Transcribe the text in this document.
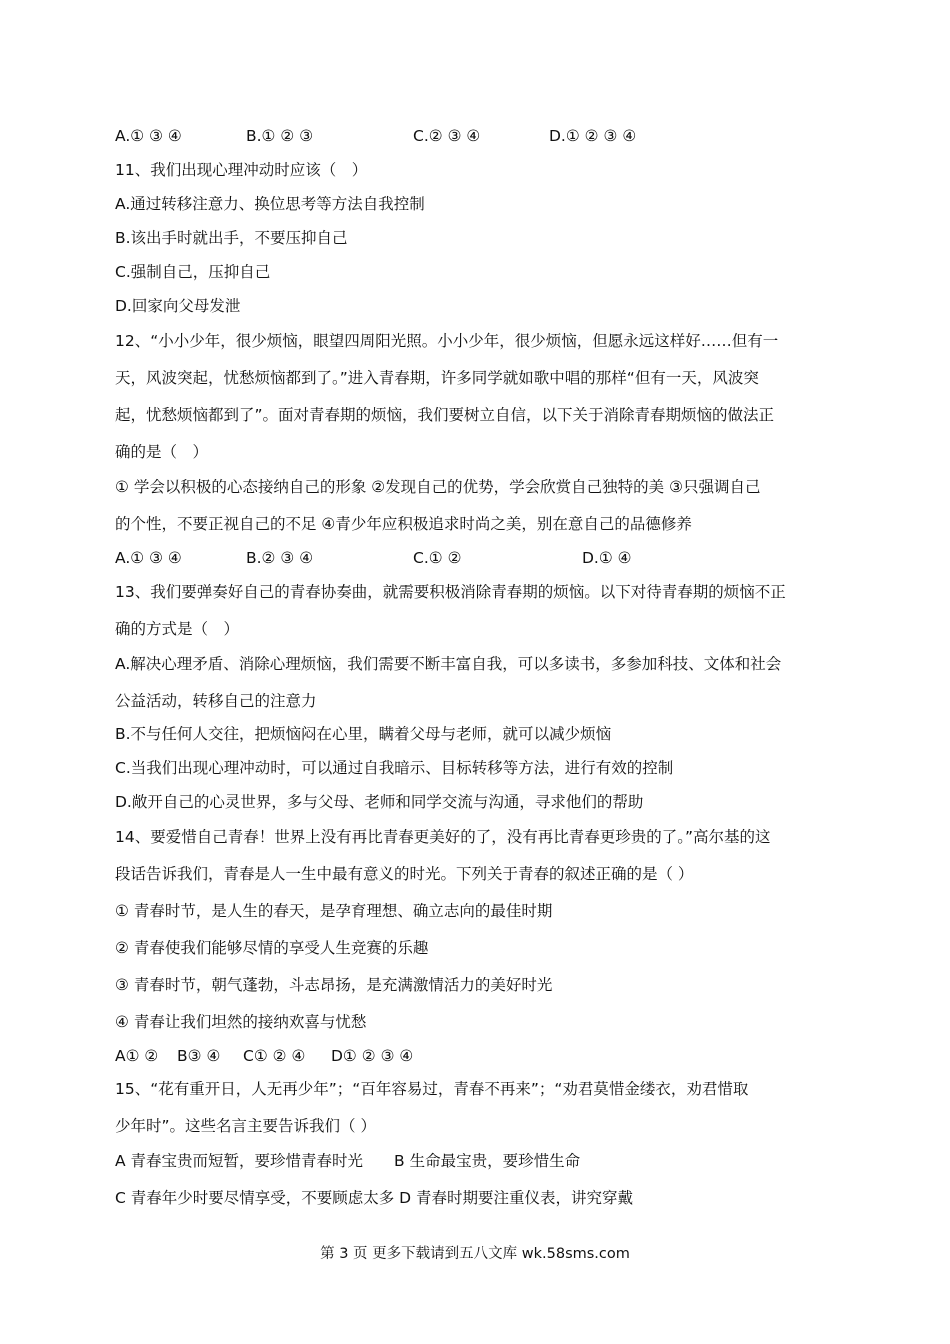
A.① ③ ④	B.① ② ③	C.② ③ ④	D.① ② ③ ④
11、我们出现心理冲动时应该（　）
A.通过转移注意力、换位思考等方法自我控制
B.该出手时就出手，不要压抑自己
C.强制自己，压抑自己
D.回家向父母发泄
12、“小小少年，很少烦恼，眼望四周阳光照。小小少年，很少烦恼，但愿永远这样好……但有一
天，风波突起，忧愁烦恼都到了。”进入青春期，许多同学就如歌中唱的那样“但有一天，风波突
起，忧愁烦恼都到了”。面对青春期的烦恼，我们要树立自信，以下关于消除青春期烦恼的做法正
确的是（　）
① 学会以积极的心态接纳自己的形象 ②发现自己的优势，学会欣赏自己独特的美 ③只强调自己
的个性，不要正视自己的不足 ④青少年应积极追求时尚之美，别在意自己的品德修养
A.① ③ ④	B.② ③ ④	C.① ②	D.① ④
13、我们要弹奏好自己的青春协奏曲，就需要积极消除青春期的烦恼。以下对待青春期的烦恼不正
确的方式是（　）
A.解决心理矛盾、消除心理烦恼，我们需要不断丰富自我，可以多读书，多参加科技、文体和社会
公益活动，转移自己的注意力
B.不与任何人交往，把烦恼闷在心里，瞒着父母与老师，就可以减少烦恼
C.当我们出现心理冲动时，可以通过自我暗示、目标转移等方法，进行有效的控制
D.敞开自己的心灵世界，多与父母、老师和同学交流与沟通，寻求他们的帮助
14、要爱惜自己青春！世界上没有再比青春更美好的了，没有再比青春更珍贵的了。”高尔基的这
段话告诉我们，青春是人一生中最有意义的时光。下列关于青春的叙述正确的是（ ）
① 青春时节，是人生的春天，是孕育理想、确立志向的最佳时期
② 青春使我们能够尽情的享受人生竞赛的乐趣
③ 青春时节，朝气蓬勃，斗志昂扬，是充满激情活力的美好时光
④ 青春让我们坦然的接纳欢喜与忧愁
A① ② B③ ④ C① ② ④ D① ② ③ ④
15、“花有重开日，人无再少年”；“百年容易过，青春不再来”；“劝君莫惜金缕衣，劝君惜取
少年时”。这些名言主要告诉我们（ ）
A 青春宝贵而短暂，要珍惜青春时光　　B 生命最宝贵，要珍惜生命
C 青春年少时要尽情享受，不要顾虑太多 D 青春时期要注重仪表，讲究穿戴
第 3 页 更多下载请到五八文库 wk.58sms.com
